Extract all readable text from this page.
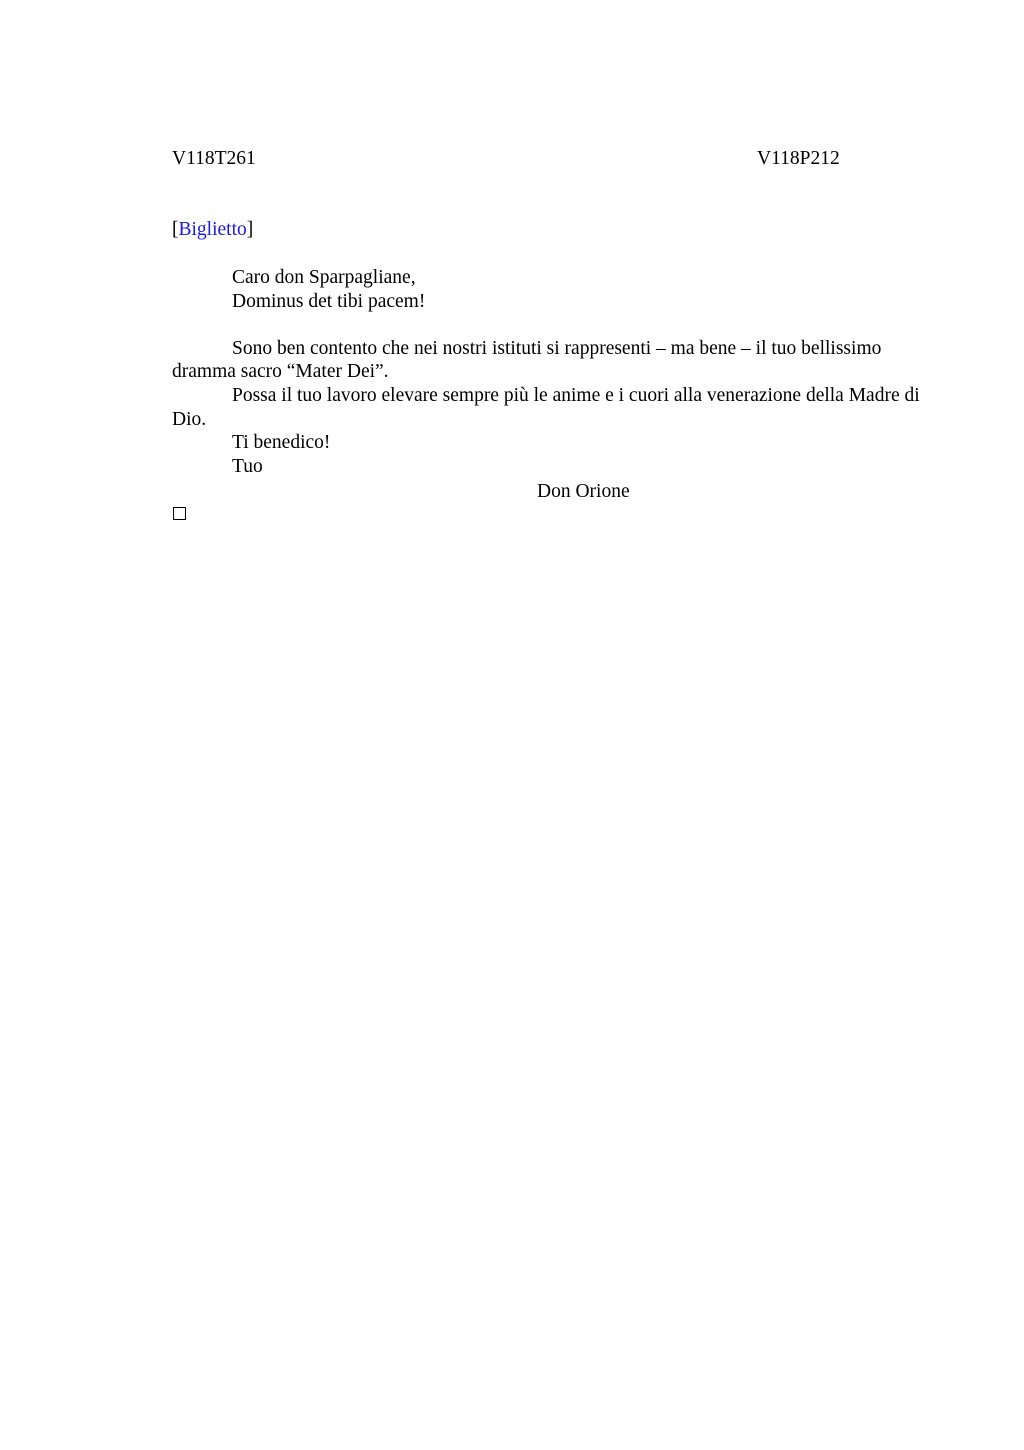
V118T261	V118P212
[Biglietto]
Caro don Sparpagliane,
Dominus det tibi pacem!

Sono ben contento che nei nostri istituti si rappresenti – ma bene – il tuo bellissimo dramma sacro “Mater Dei”.

Possa il tuo lavoro elevare sempre più le anime e i cuori alla venerazione della Madre di Dio.

Ti benedico!
Tuo
Don Orione
